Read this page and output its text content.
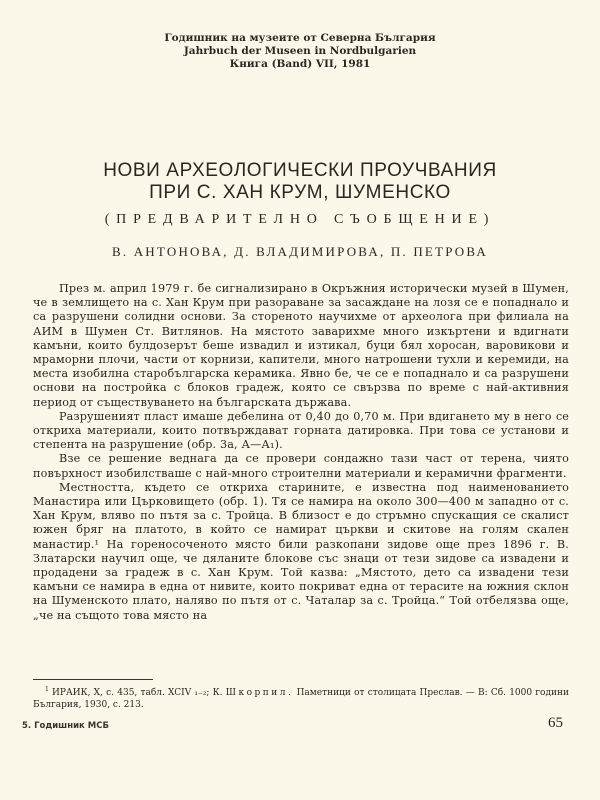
Годишник на музеите от Северна България
Jahrbuch der Museen in Nordbulgarien
Книга (Band) VII, 1981
НОВИ АРХЕОЛОГИЧЕСКИ ПРОУЧВАНИЯ
ПРИ С. ХАН КРУМ, ШУМЕНСКО
(ПРЕДВАРИТЕЛНО СЪОБЩЕНИЕ)
В. АНТОНОВА, Д. ВЛАДИМИРОВА, П. ПЕТРОВА

През м. април 1979 г. бе сигнализирано в Окръжния исторически музей в Шумен, че в землището на с. Хан Крум при разораване за засаждане на лозя се е попаднало и са разрушени солидни основи. За сторeното научихме от археолога при филиала на АИМ в Шумен Ст. Витлянов. На мястото заварихме много изкъртени и вдигнати камъни, които булдозерът беше извадил и изтикал, буци бял хоросан, варовикови и мраморни плочи, части от корнизи, капители, много натрошени тухли и керемиди, на места изобилна старобългарска керамика. Явно бе, че се е попаднало и са разрушени основи на постройка с блоков градеж, която се свързва по време с най-активния период от съществуването на българската държава.

Разрушеният пласт имаше дебелина от 0,40 до 0,70 м. При вдигането му в него се откриха материали, които потвърждават горната датировка. При това се установи и степента на разрушение (обр. 3а, А—А₁).

Взе се решение веднага да се провери сондажно тази част от терена, чиято повърхност изобилстваше с най-много строителни материали и керамични фрагменти.

Местността, където се откриха старините, е известна под наименованието Манастира или Църковището (обр. 1). Тя се намира на около 300—400 м западно от с. Хан Крум, вляво по пътя за с. Тройца. В близост е до стръмно спускащия се скалист южен бряг на платото, в който се намират църкви и скитове на голям скален манастир.¹ На гореносоченото място били разкопани зидове още през 1896 г. В. Златарски научил още, че дяланите блокове със знаци от тези зидове са извадени и продадени за градеж в с. Хан Крум. Той казва: „Мястото, дето са извадени тези камъни се намира в една от нивите, които покриват една от терасите на южния склон на Шуменското плато, наляво по пътя от с. Чаталар за с. Тройца.“ Той отбелязва още, „че на същото това място на

$^1$ ИРАИК, X, с. 435, табл. XCIV ₁₋₂; К. Шкорпил. Паметници от столицата Преслав. — В: Сб. 1000 години България, 1930, с. 213.

5. Годишник МСБ	65
